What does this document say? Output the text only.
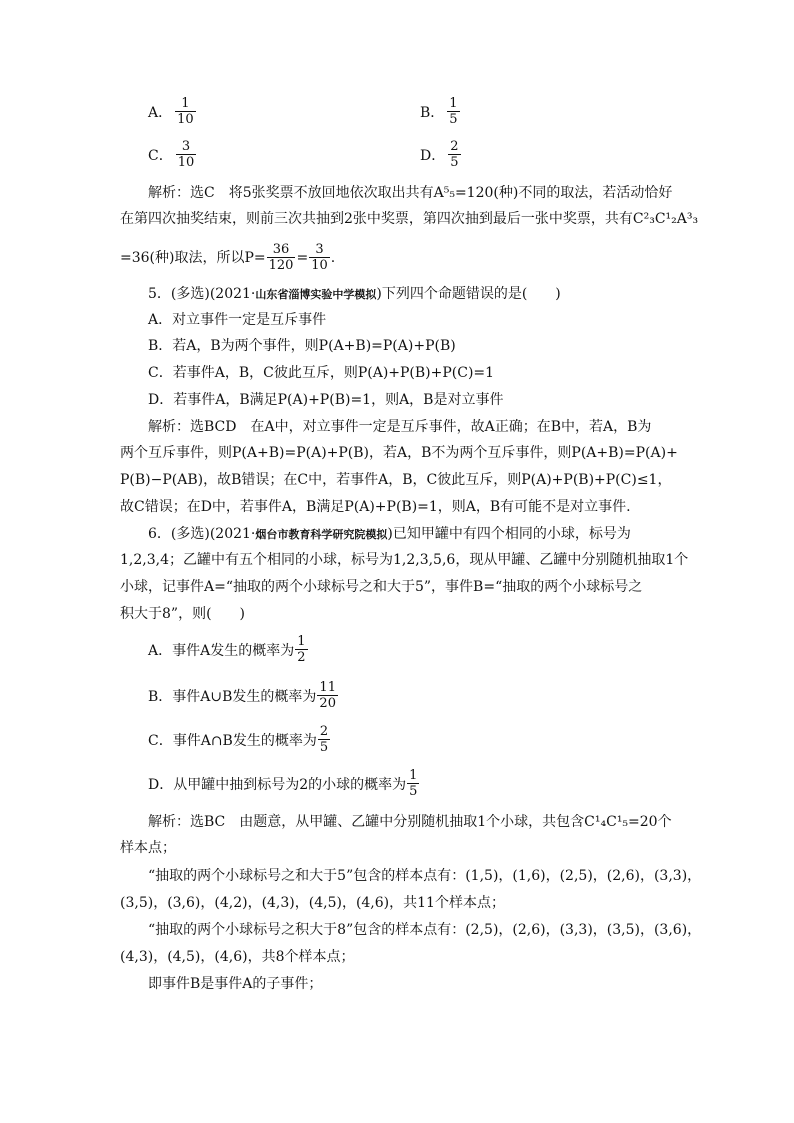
A． $\frac{1}{10}$	B． $\frac{1}{5}$
C． $\frac{3}{10}$	D． $\frac{2}{5}$
解析：选C　将5张奖票不放回地依次取出共有A⁵₅=120(种)不同的取法，若活动恰好
在第四次抽奖结束，则前三次共抽到2张中奖票，第四次抽到最后一张中奖票，共有C²₃C¹₂A³₃
=36(种)取法，所以$P= \frac{36}{120} = \frac{3}{10}$ .
5．(多选)(2021·山东省淄博实验中学模拟)下列四个命题错误的是(　　)
A．对立事件一定是互斥事件
B．若A，B为两个事件，则P(A+B)=P(A)+P(B)
C．若事件A，B，C彼此互斥，则P(A)+P(B)+P(C)=1
D．若事件A，B满足P(A)+P(B)=1，则A，B是对立事件
解析：选BCD　在A中，对立事件一定是互斥事件，故A正确；在B中，若A，B为
两个互斥事件，则P(A+B)=P(A)+P(B)，若A，B不为两个互斥事件，则P(A+B)=P(A)+
P(B)−P(AB)，故B错误；在C中，若事件A，B，C彼此互斥，则P(A)+P(B)+P(C)≤1，
故C错误；在D中，若事件A，B满足P(A)+P(B)=1，则A，B有可能不是对立事件.
6．(多选)(2021·烟台市教育科学研究院模拟)已知甲罐中有四个相同的小球，标号为
1,2,3,4；乙罐中有五个相同的小球，标号为1,2,3,5,6，现从甲罐、乙罐中分别随机抽取1个
小球，记事件A=“抽取的两个小球标号之和大于5”，事件B=“抽取的两个小球标号之
积大于8”，则(　　)
A．事件A发生的概率为 $\frac{1}{2}$
B．事件A∪B发生的概率为 $\frac{11}{20}$
C．事件A∩B发生的概率为 $\frac{2}{5}$
D．从甲罐中抽到标号为2的小球的概率为 $\frac{1}{5}$
解析：选BC　由题意，从甲罐、乙罐中分别随机抽取1个小球，共包含C¹₄C¹₅=20个
样本点；
“抽取的两个小球标号之和大于5”包含的样本点有：(1,5)，(1,6)，(2,5)，(2,6)，(3,3)，
(3,5)，(3,6)，(4,2)，(4,3)，(4,5)，(4,6)，共11个样本点；
“抽取的两个小球标号之积大于8”包含的样本点有：(2,5)，(2,6)，(3,3)，(3,5)，(3,6)，
(4,3)，(4,5)，(4,6)，共8个样本点；
即事件B是事件A的子事件；
